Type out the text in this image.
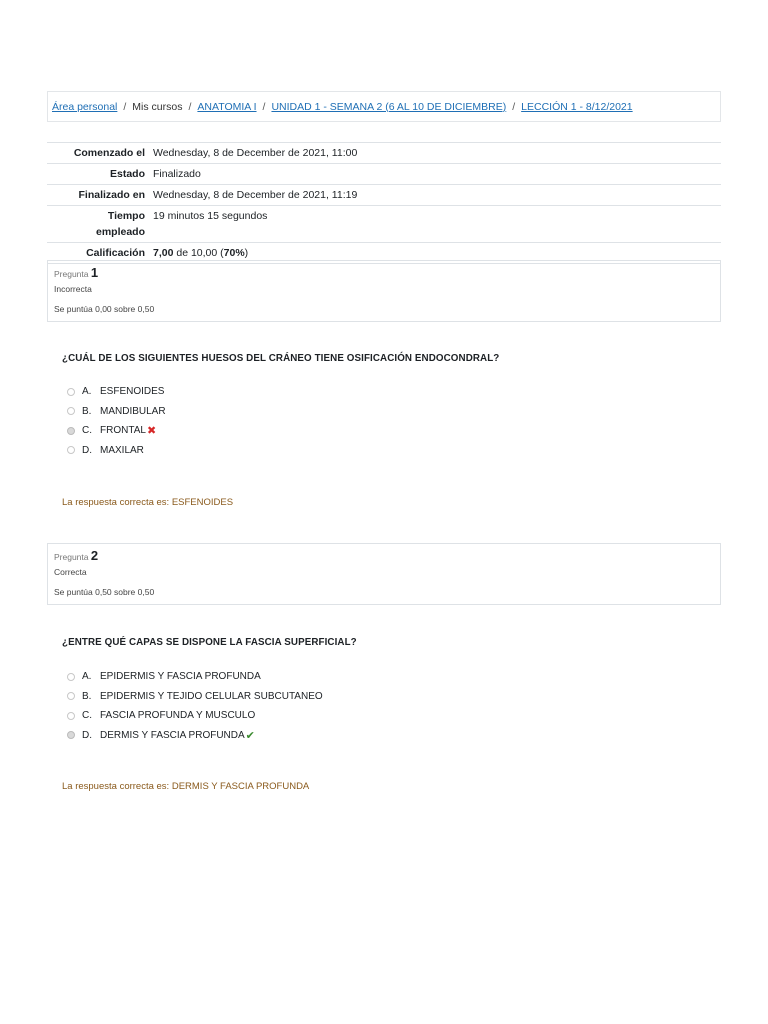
Área personal / Mis cursos / ANATOMIA I / UNIDAD 1 - SEMANA 2 (6 AL 10 DE DICIEMBRE) / LECCIÓN 1 - 8/12/2021
Comenzado el	Wednesday, 8 de December de 2021, 11:00
Estado	Finalizado
Finalizado en	Wednesday, 8 de December de 2021, 11:19
Tiempo
empleado	19 minutos 15 segundos
Calificación	7,00 de 10,00 (70%)
Pregunta 1
Incorrecta
Se puntúa 0,00 sobre 0,50
¿CUÁL DE LOS SIGUIENTES HUESOS DEL CRÁNEO TIENE OSIFICACIÓN ENDOCONDRAL?
A. ESFENOIDES
B. MANDIBULAR
C. FRONTAL ✖
D. MAXILAR
La respuesta correcta es: ESFENOIDES
Pregunta 2
Correcta
Se puntúa 0,50 sobre 0,50
¿ENTRE QUÉ CAPAS SE DISPONE LA FASCIA SUPERFICIAL?
A. EPIDERMIS Y FASCIA PROFUNDA
B. EPIDERMIS Y TEJIDO CELULAR SUBCUTANEO
C. FASCIA PROFUNDA Y MUSCULO
D. DERMIS Y FASCIA PROFUNDA ✔
La respuesta correcta es: DERMIS Y FASCIA PROFUNDA
